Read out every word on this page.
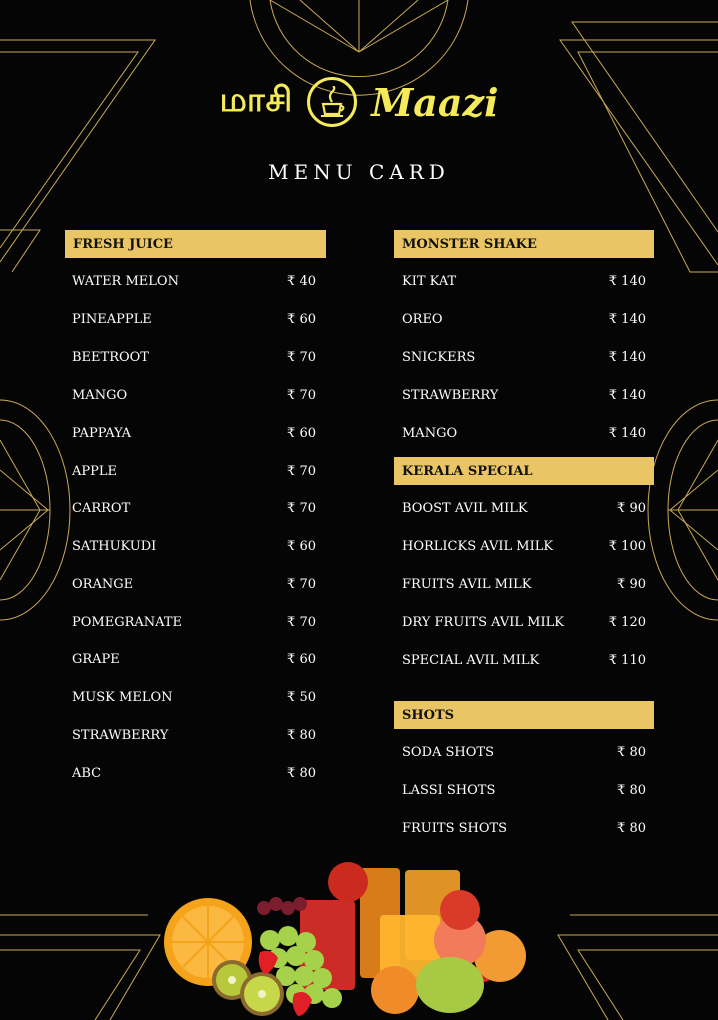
மாசி Maazi
MENU CARD
FRESH JUICE
WATER MELON	₹ 40
PINEAPPLE	₹ 60
BEETROOT	₹ 70
MANGO	₹ 70
PAPPAYA	₹ 60
APPLE	₹ 70
CARROT	₹ 70
SATHUKUDI	₹ 60
ORANGE	₹ 70
POMEGRANATE	₹ 70
GRAPE	₹ 60
MUSK MELON	₹ 50
STRAWBERRY	₹ 80
ABC	₹ 80
MONSTER SHAKE
KIT KAT	₹ 140
OREO	₹ 140
SNICKERS	₹ 140
STRAWBERRY	₹ 140
MANGO	₹ 140
KERALA SPECIAL
BOOST AVIL MILK	₹ 90
HORLICKS AVIL MILK	₹ 100
FRUITS AVIL MILK	₹ 90
DRY FRUITS AVIL MILK	₹ 120
SPECIAL AVIL MILK	₹ 110
SHOTS
SODA SHOTS	₹ 80
LASSI SHOTS	₹ 80
FRUITS SHOTS	₹ 80
